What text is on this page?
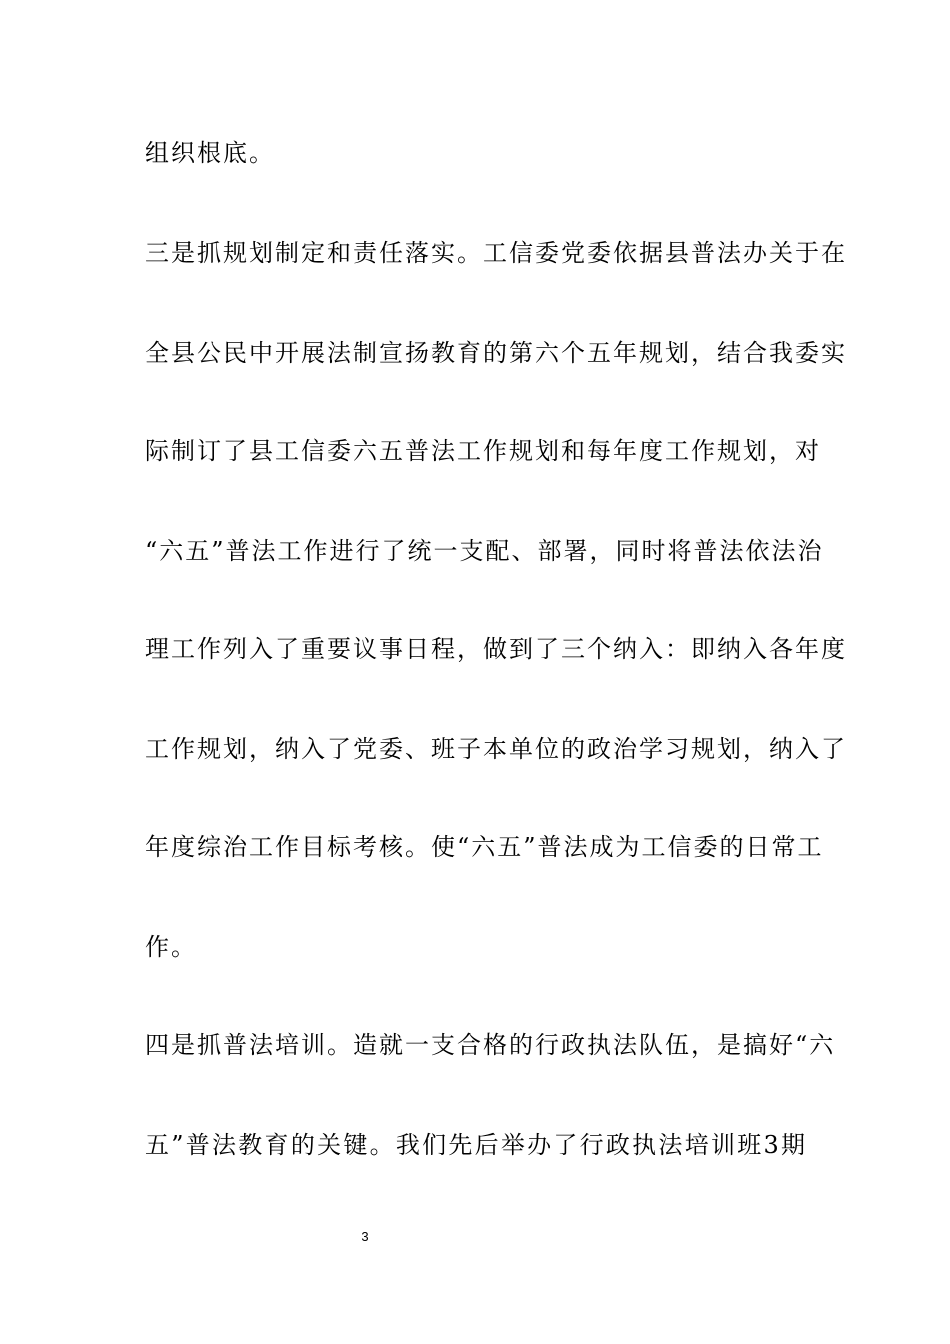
组织根底。
三是抓规划制定和责任落实。工信委党委依据县普法办关于在
全县公民中开展法制宣扬教育的第六个五年规划，结合我委实
际制订了县工信委六五普法工作规划和每年度工作规划，对
“六五”普法工作进行了统一支配、部署，同时将普法依法治
理工作列入了重要议事日程，做到了三个纳入：即纳入各年度
工作规划，纳入了党委、班子本单位的政治学习规划，纳入了
年度综治工作目标考核。使“六五”普法成为工信委的日常工
作。
四是抓普法培训。造就一支合格的行政执法队伍，是搞好“六
五”普法教育的关键。我们先后举办了行政执法培训班3期
3
